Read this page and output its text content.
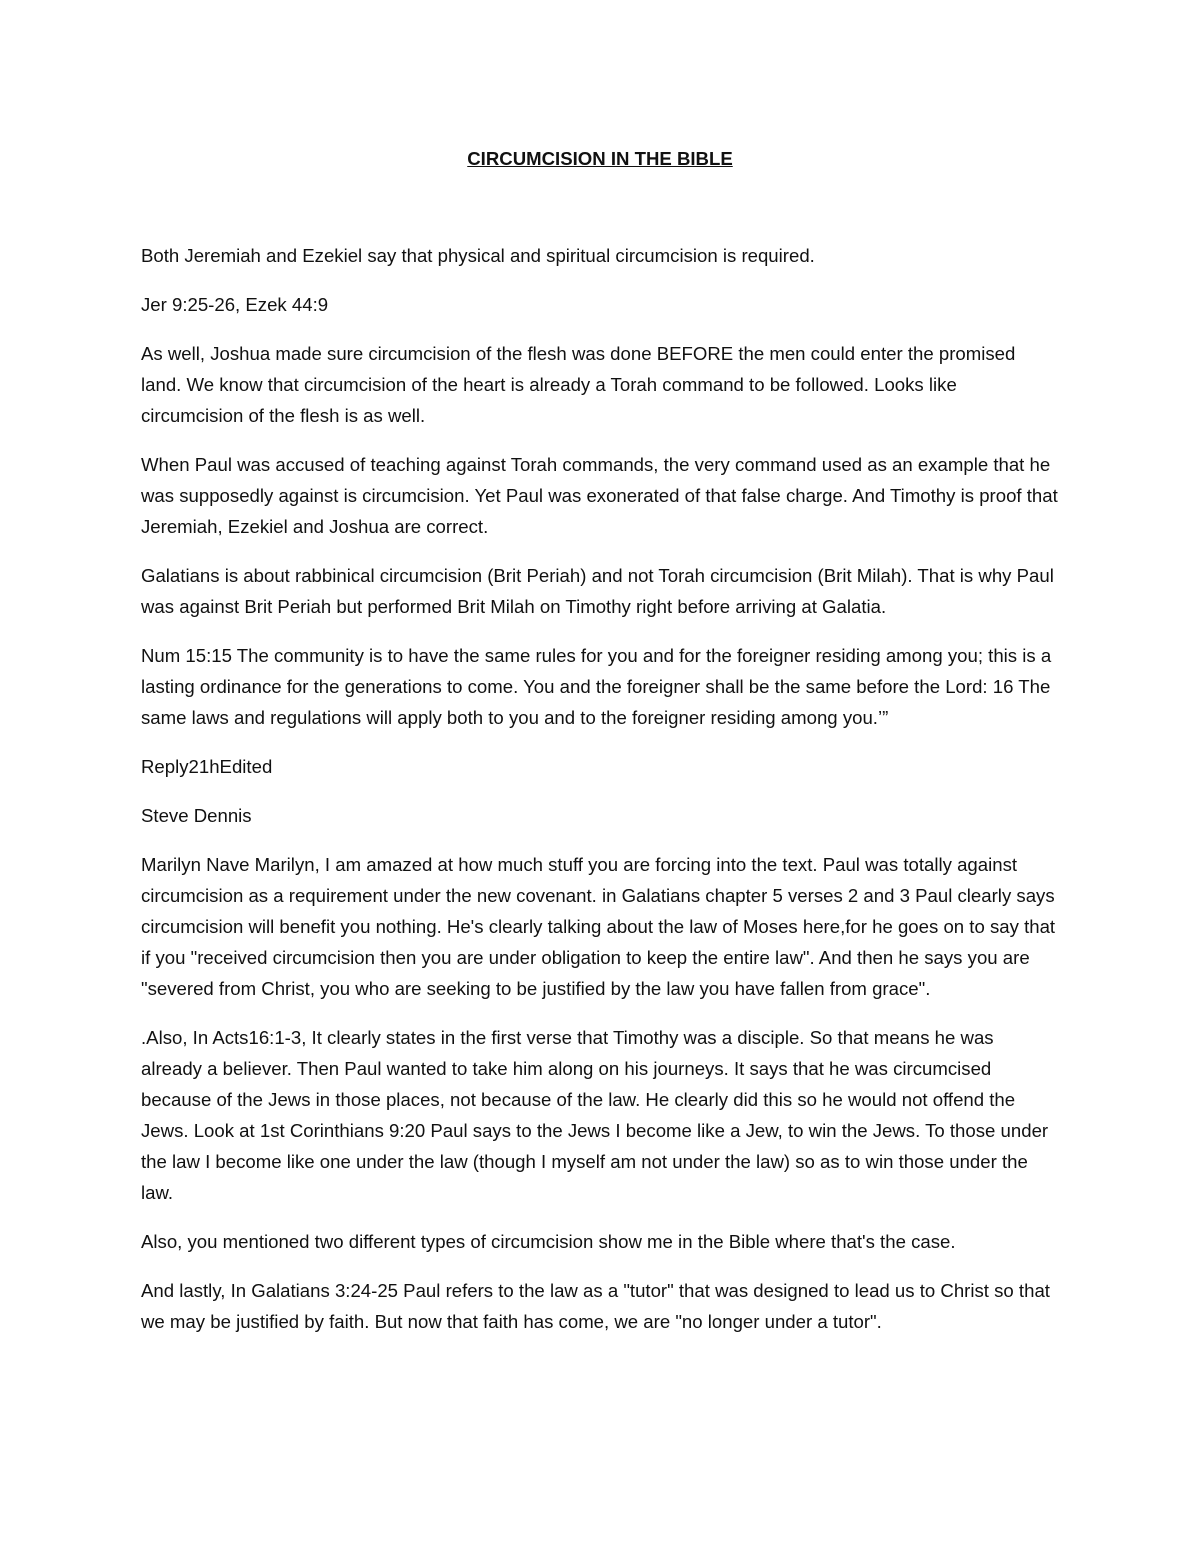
CIRCUMCISION IN THE BIBLE

Both Jeremiah and Ezekiel say that physical and spiritual circumcision is required.

Jer 9:25-26, Ezek 44:9

As well, Joshua made sure circumcision of the flesh was done BEFORE the men could enter the promised land. We know that circumcision of the heart is already a Torah command to be followed. Looks like circumcision of the flesh is as well.

When Paul was accused of teaching against Torah commands, the very command used as an example that he was supposedly against is circumcision. Yet Paul was exonerated of that false charge. And Timothy is proof that Jeremiah, Ezekiel and Joshua are correct.

Galatians is about rabbinical circumcision (Brit Periah) and not Torah circumcision (Brit Milah). That is why Paul was against Brit Periah but performed Brit Milah on Timothy right before arriving at Galatia.

Num 15:15 The community is to have the same rules for you and for the foreigner residing among you; this is a lasting ordinance for the generations to come. You and the foreigner shall be the same before the Lord: 16 The same laws and regulations will apply both to you and to the foreigner residing among you.’”

Reply21hEdited

Steve Dennis

Marilyn Nave Marilyn, I am amazed at how much stuff you are forcing into the text. Paul was totally against circumcision as a requirement under the new covenant. in Galatians chapter 5 verses 2 and 3 Paul clearly says circumcision will benefit you nothing. He's clearly talking about the law of Moses here,for he goes on to say that if you "received circumcision then you are under obligation to keep the entire law". And then he says you are "severed from Christ, you who are seeking to be justified by the law you have fallen from grace".

.Also, In Acts16:1-3, It clearly states in the first verse that Timothy was a disciple. So that means he was already a believer. Then Paul wanted to take him along on his journeys. It says that he was circumcised because of the Jews in those places, not because of the law. He clearly did this so he would not offend the Jews. Look at 1st Corinthians 9:20 Paul says to the Jews I become like a Jew, to win the Jews. To those under the law I become like one under the law (though I myself am not under the law) so as to win those under the law.

Also, you mentioned two different types of circumcision show me in the Bible where that's the case.

And lastly, In Galatians 3:24-25 Paul refers to the law as a "tutor" that was designed to lead us to Christ so that we may be justified by faith. But now that faith has come, we are "no longer under a tutor".
